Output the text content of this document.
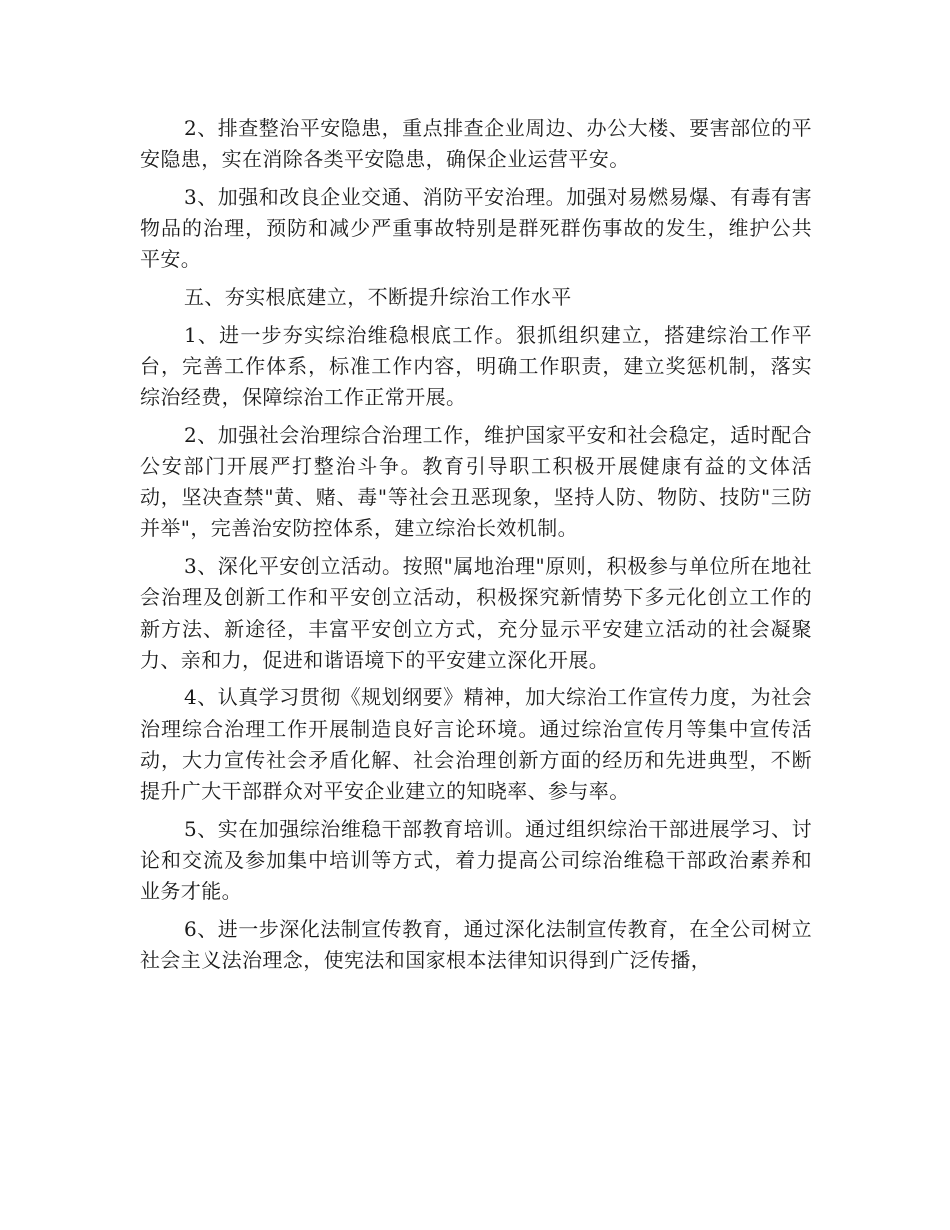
2、排查整治平安隐患，重点排查企业周边、办公大楼、要害部位的平安隐患，实在消除各类平安隐患，确保企业运营平安。

3、加强和改良企业交通、消防平安治理。加强对易燃易爆、有毒有害物品的治理，预防和减少严重事故特别是群死群伤事故的发生，维护公共平安。

五、夯实根底建立，不断提升综治工作水平

1、进一步夯实综治维稳根底工作。狠抓组织建立，搭建综治工作平台，完善工作体系，标准工作内容，明确工作职责，建立奖惩机制，落实综治经费，保障综治工作正常开展。

2、加强社会治理综合治理工作，维护国家平安和社会稳定，适时配合公安部门开展严打整治斗争。教育引导职工积极开展健康有益的文体活动，坚决查禁"黄、赌、毒"等社会丑恶现象，坚持人防、物防、技防"三防并举"，完善治安防控体系，建立综治长效机制。

3、深化平安创立活动。按照"属地治理"原则，积极参与单位所在地社会治理及创新工作和平安创立活动，积极探究新情势下多元化创立工作的新方法、新途径，丰富平安创立方式，充分显示平安建立活动的社会凝聚力、亲和力，促进和谐语境下的平安建立深化开展。

4、认真学习贯彻《规划纲要》精神，加大综治工作宣传力度，为社会治理综合治理工作开展制造良好言论环境。通过综治宣传月等集中宣传活动，大力宣传社会矛盾化解、社会治理创新方面的经历和先进典型，不断提升广大干部群众对平安企业建立的知晓率、参与率。

5、实在加强综治维稳干部教育培训。通过组织综治干部进展学习、讨论和交流及参加集中培训等方式，着力提高公司综治维稳干部政治素养和业务才能。

6、进一步深化法制宣传教育，通过深化法制宣传教育，在全公司树立社会主义法治理念，使宪法和国家根本法律知识得到广泛传播，
